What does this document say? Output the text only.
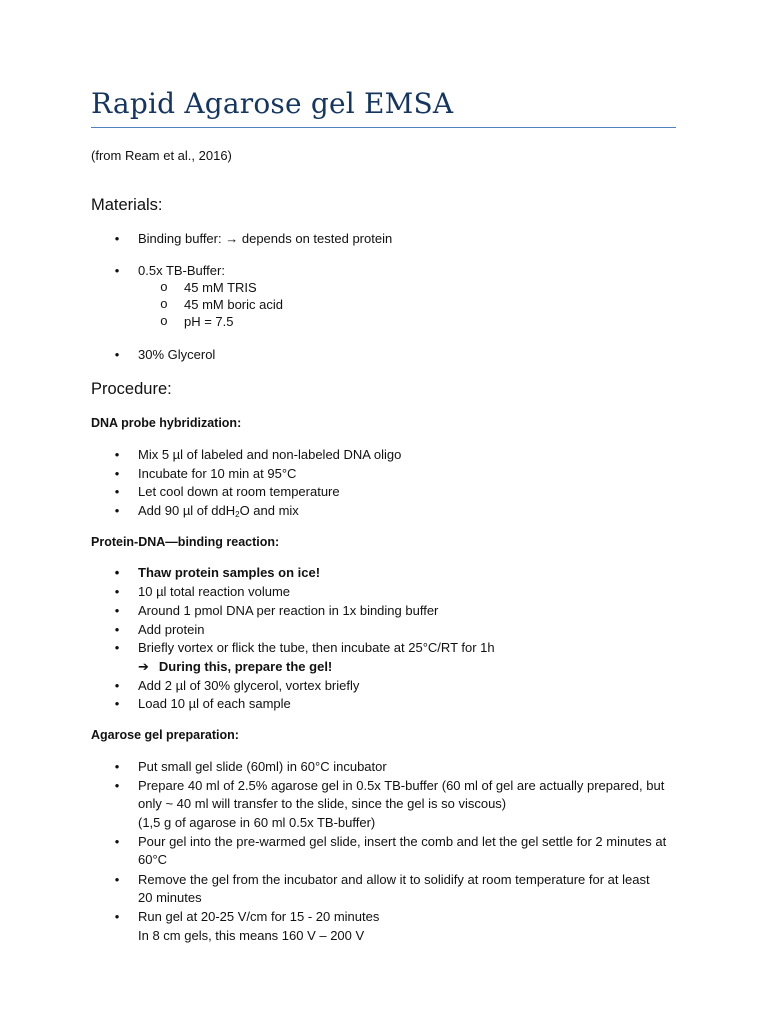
Rapid Agarose gel EMSA
(from Ream et al., 2016)
Materials:
• Binding buffer: → depends on tested protein
• 0.5x TB-Buffer:
o 45 mM TRIS
o 45 mM boric acid
o pH = 7.5
• 30% Glycerol
Procedure:
DNA probe hybridization:
• Mix 5 µl of labeled and non-labeled DNA oligo
• Incubate for 10 min at 95°C
• Let cool down at room temperature
• Add 90 µl of ddH$_2$O and mix
Protein-DNA—binding reaction:
• Thaw protein samples on ice!
• 10 µl total reaction volume
• Around 1 pmol DNA per reaction in 1x binding buffer
• Add protein
• Briefly vortex or flick the tube, then incubate at 25°C/RT for 1h
➔ During this, prepare the gel!
• Add 2 µl of 30% glycerol, vortex briefly
• Load 10 µl of each sample
Agarose gel preparation:
• Put small gel slide (60ml) in 60°C incubator
• Prepare 40 ml of 2.5% agarose gel in 0.5x TB-buffer (60 ml of gel are actually prepared, but
only ~ 40 ml will transfer to the slide, since the gel is so viscous)
(1,5 g of agarose in 60 ml 0.5x TB-buffer)
• Pour gel into the pre-warmed gel slide, insert the comb and let the gel settle for 2 minutes at
60°C
• Remove the gel from the incubator and allow it to solidify at room temperature for at least
20 minutes
• Run gel at 20-25 V/cm for 15 - 20 minutes
In 8 cm gels, this means 160 V – 200 V
